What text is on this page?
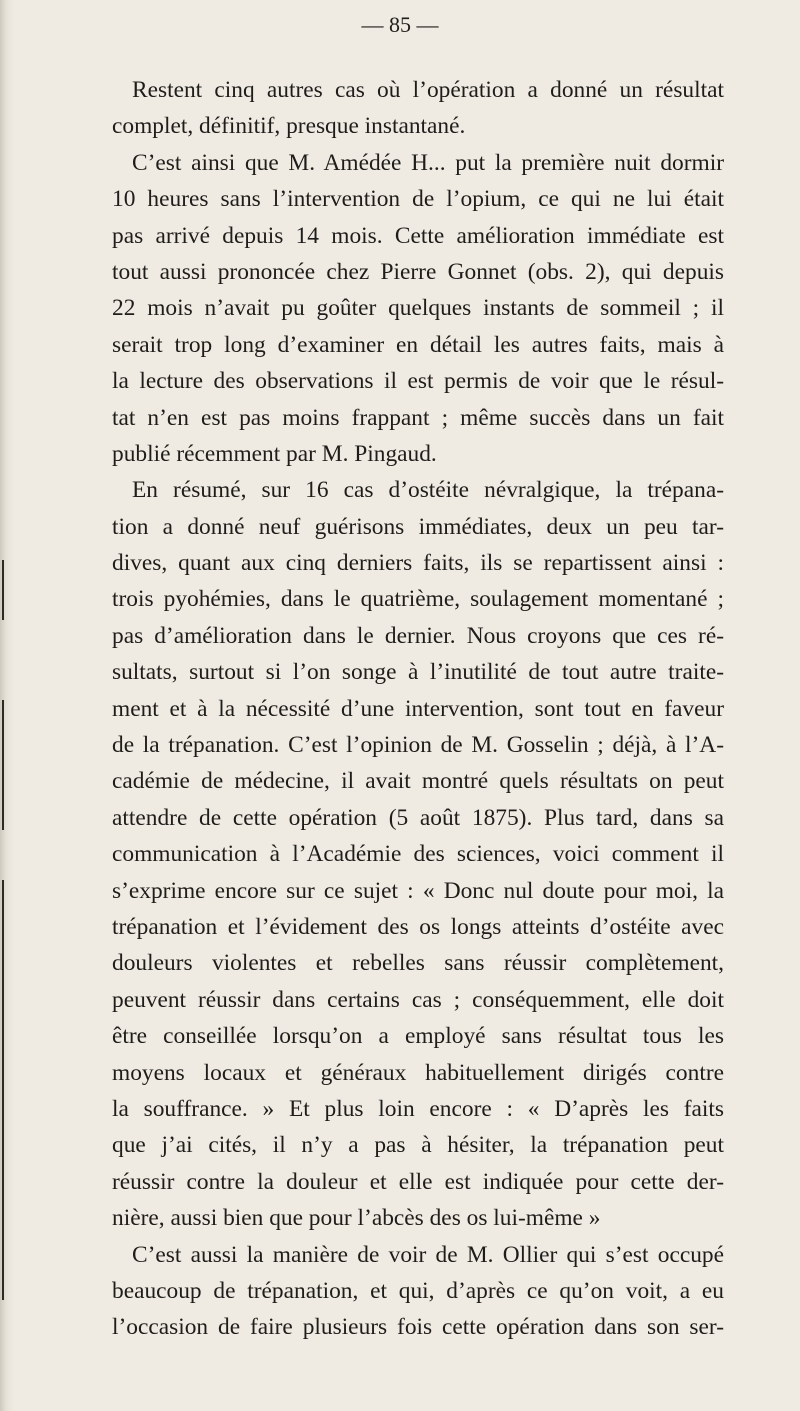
— 85 —

Restent cinq autres cas où l’opération a donné un résultat
complet, définitif, presque instantané.
C’est ainsi que M. Amédée H... put la première nuit dormir
10 heures sans l’intervention de l’opium, ce qui ne lui était
pas arrivé depuis 14 mois. Cette amélioration immédiate est
tout aussi prononcée chez Pierre Gonnet (obs. 2), qui depuis
22 mois n’avait pu goûter quelques instants de sommeil ; il
serait trop long d’examiner en détail les autres faits, mais à
la lecture des observations il est permis de voir que le résul-
tat n’en est pas moins frappant ; même succès dans un fait
publié récemment par M. Pingaud.
En résumé, sur 16 cas d’ostéite névralgique, la trépana-
tion a donné neuf guérisons immédiates, deux un peu tar-
dives, quant aux cinq derniers faits, ils se repartissent ainsi :
trois pyohémies, dans le quatrième, soulagement momentané ;
pas d’amélioration dans le dernier. Nous croyons que ces ré-
sultats, surtout si l’on songe à l’inutilité de tout autre traite-
ment et à la nécessité d’une intervention, sont tout en faveur
de la trépanation. C’est l’opinion de M. Gosselin ; déjà, à l’A-
cadémie de médecine, il avait montré quels résultats on peut
attendre de cette opération (5 août 1875). Plus tard, dans sa
communication à l’Académie des sciences, voici comment il
s’exprime encore sur ce sujet : « Donc nul doute pour moi, la
trépanation et l’évidement des os longs atteints d’ostéite avec
douleurs violentes et rebelles sans réussir complètement,
peuvent réussir dans certains cas ; conséquemment, elle doit
être conseillée lorsqu’on a employé sans résultat tous les
moyens locaux et généraux habituellement dirigés contre
la souffrance. » Et plus loin encore : « D’après les faits
que j’ai cités, il n’y a pas à hésiter, la trépanation peut
réussir contre la douleur et elle est indiquée pour cette der-
nière, aussi bien que pour l’abcès des os lui-même »
C’est aussi la manière de voir de M. Ollier qui s’est occupé
beaucoup de trépanation, et qui, d’après ce qu’on voit, a eu
l’occasion de faire plusieurs fois cette opération dans son ser-
